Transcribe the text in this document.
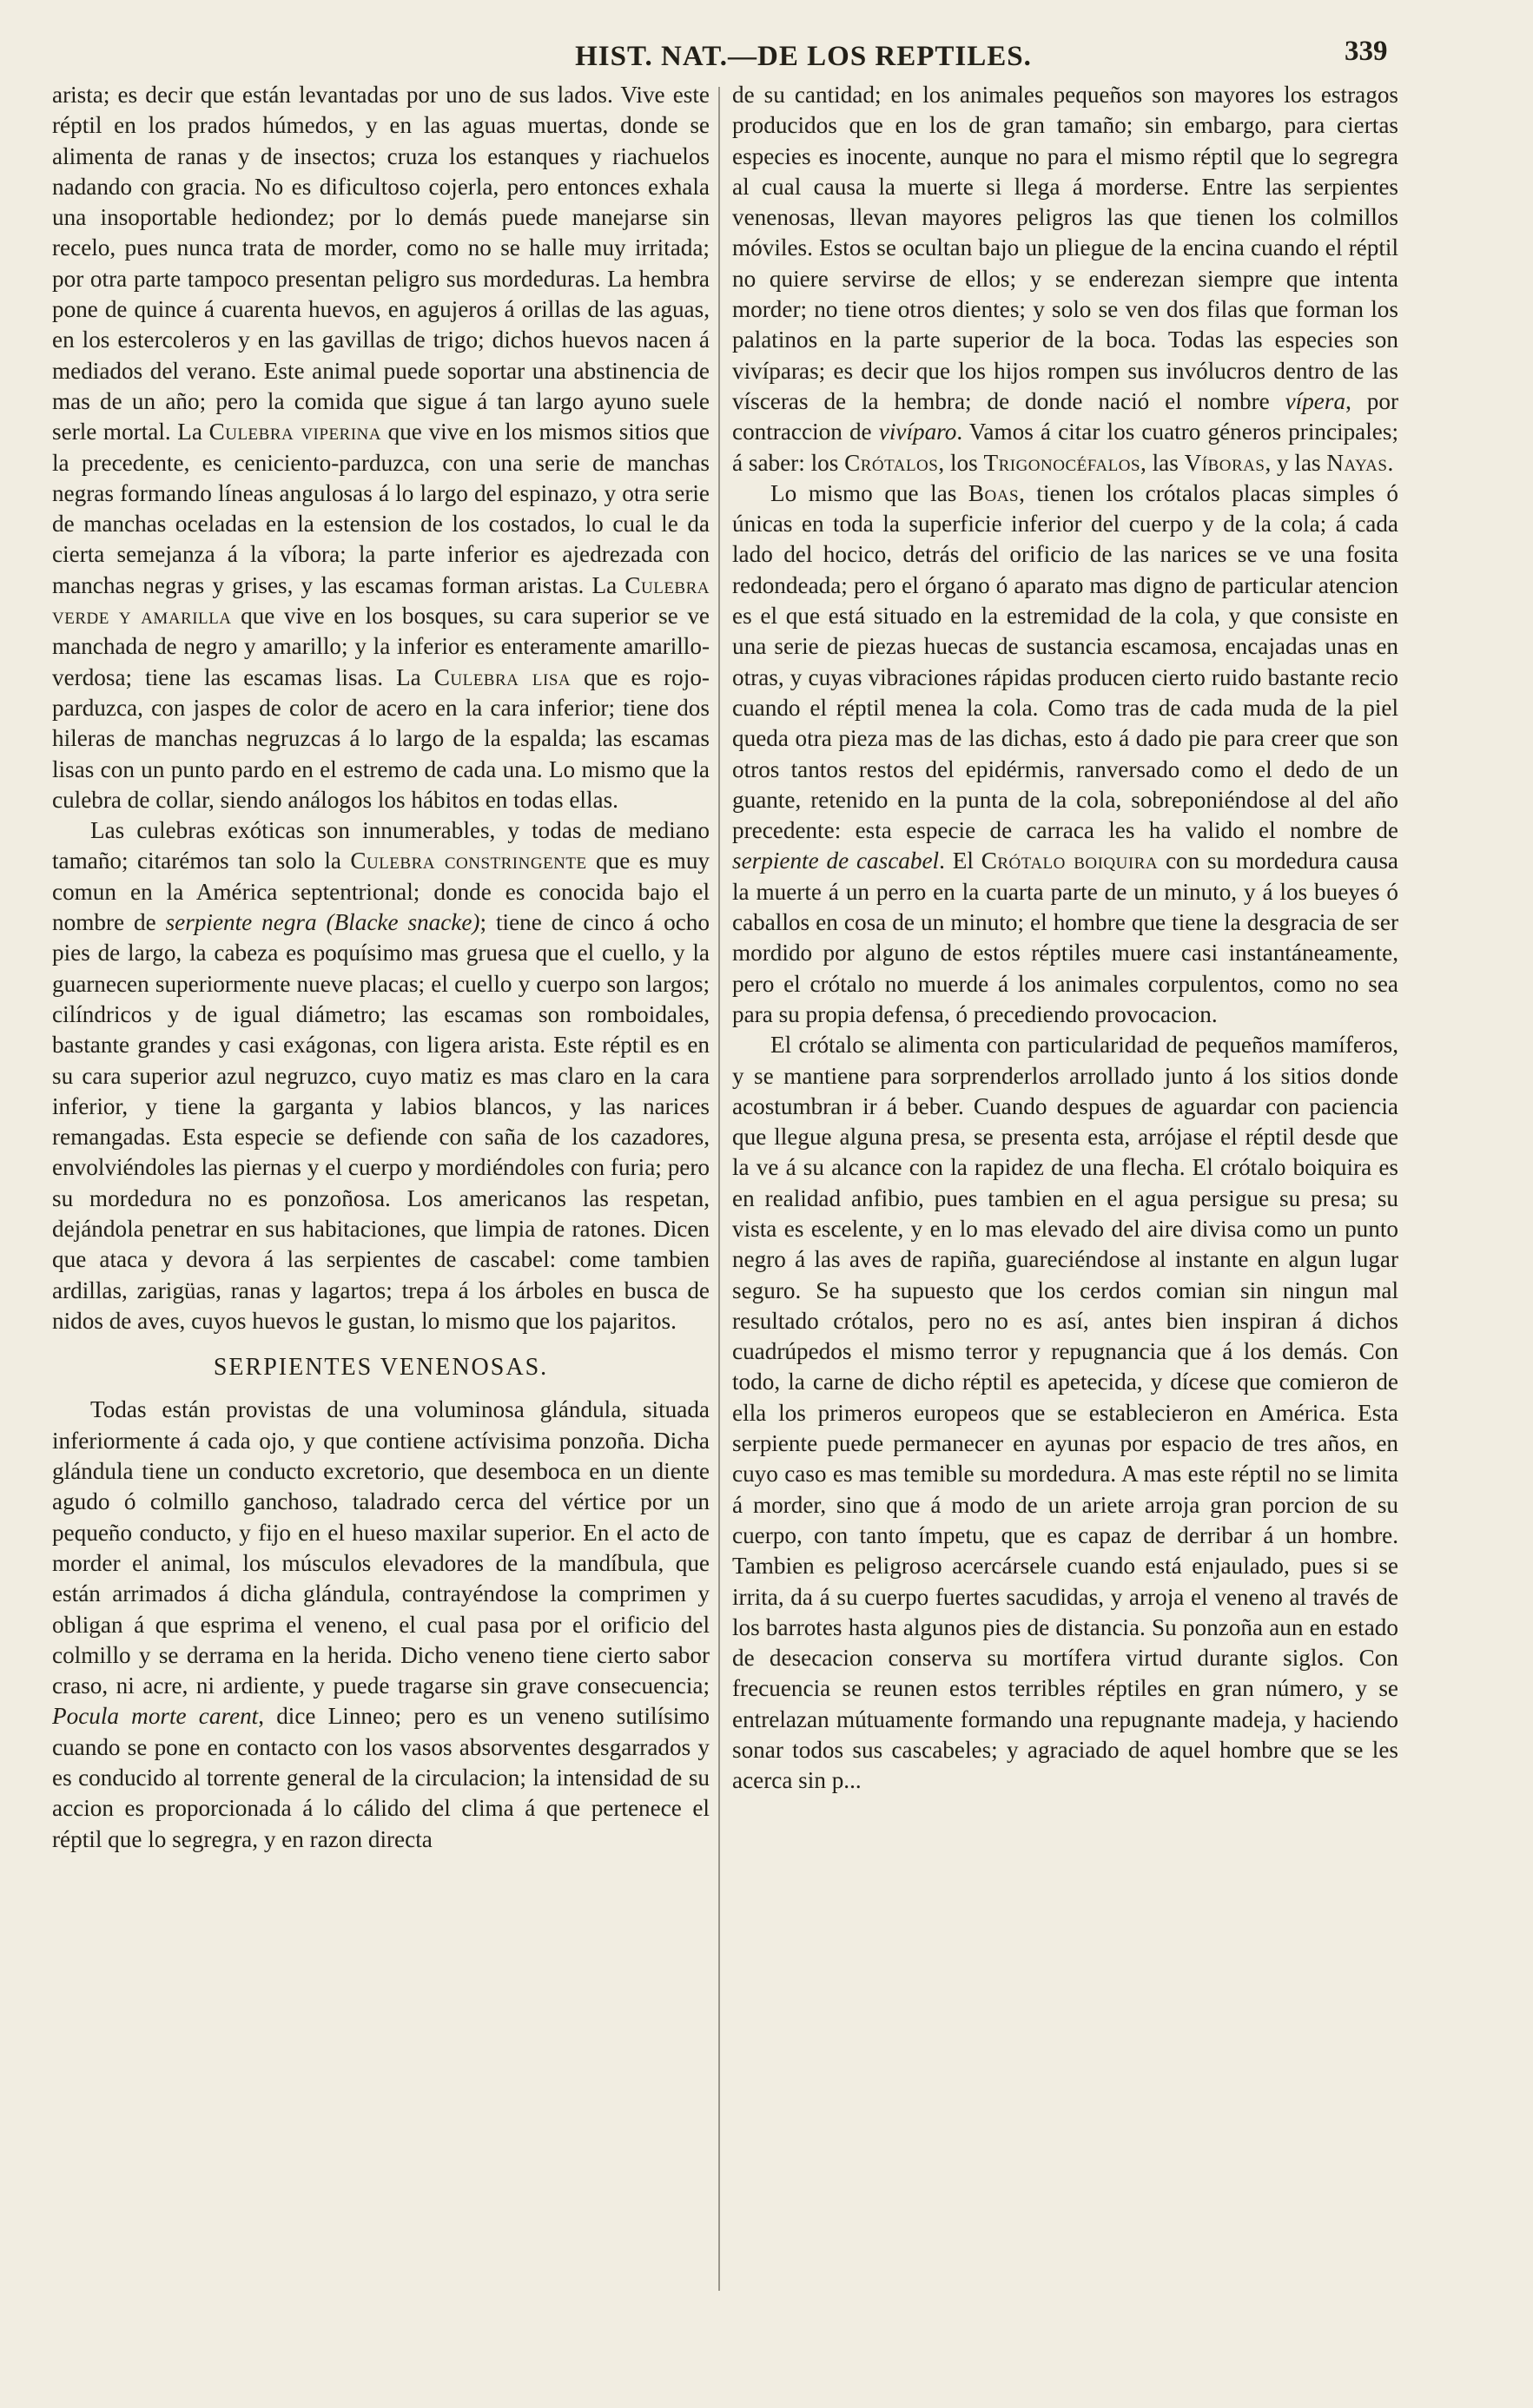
HIST. NAT.—DE LOS REPTILES.	339

arista; es decir que están levantadas por uno de sus lados. Vive este réptil en los prados húmedos, y en las aguas muertas, donde se alimenta de ranas y de insectos; cruza los estanques y riachuelos nadando con gracia. No es dificultoso cojerla, pero entonces exhala una insoportable hediondez; por lo demás puede manejarse sin recelo, pues nunca trata de morder, como no se halle muy irritada; por otra parte tampoco presentan peligro sus mordeduras. La hembra pone de quince á cuarenta huevos, en agujeros á orillas de las aguas, en los estercoleros y en las gavillas de trigo; dichos huevos nacen á mediados del verano. Este animal puede soportar una abstinencia de mas de un año; pero la comida que sigue á tan largo ayuno suele serle mortal. La Culebra viperina que vive en los mismos sitios que la precedente, es ceniciento-parduzca, con una serie de manchas negras formando líneas angulosas á lo largo del espinazo, y otra serie de manchas oceladas en la estension de los costados, lo cual le da cierta semejanza á la víbora; la parte inferior es ajedrezada con manchas negras y grises, y las escamas forman aristas. La Culebra verde y amarilla que vive en los bosques, su cara superior se ve manchada de negro y amarillo; y la inferior es enteramente amarillo-verdosa; tiene las escamas lisas. La Culebra lisa que es rojo-parduzca, con jaspes de color de acero en la cara inferior; tiene dos hileras de manchas negruzcas á lo largo de la espalda; las escamas lisas con un punto pardo en el estremo de cada una. Lo mismo que la culebra de collar, siendo análogos los hábitos en todas ellas.

Las culebras exóticas son innumerables, y todas de mediano tamaño; citarémos tan solo la Culebra constringente que es muy comun en la América septentrional; donde es conocida bajo el nombre de serpiente negra (Blacke snacke); tiene de cinco á ocho pies de largo, la cabeza es poquísimo mas gruesa que el cuello, y la guarnecen superiormente nueve placas; el cuello y cuerpo son largos; cilíndricos y de igual diámetro; las escamas son romboidales, bastante grandes y casi exágonas, con ligera arista. Este réptil es en su cara superior azul negruzco, cuyo matiz es mas claro en la cara inferior, y tiene la garganta y labios blancos, y las narices remangadas. Esta especie se defiende con saña de los cazadores, envolviéndoles las piernas y el cuerpo y mordiéndoles con furia; pero su mordedura no es ponzoñosa. Los americanos las respetan, dejándola penetrar en sus habitaciones, que limpia de ratones. Dicen que ataca y devora á las serpientes de cascabel: come tambien ardillas, zarigüas, ranas y lagartos; trepa á los árboles en busca de nidos de aves, cuyos huevos le gustan, lo mismo que los pajaritos.

SERPIENTES VENENOSAS.

Todas están provistas de una voluminosa glándula, situada inferiormente á cada ojo, y que contiene actívisima ponzoña. Dicha glándula tiene un conducto excretorio, que desemboca en un diente agudo ó colmillo ganchoso, taladrado cerca del vértice por un pequeño conducto, y fijo en el hueso maxilar superior. En el acto de morder el animal, los músculos elevadores de la mandíbula, que están arrimados á dicha glándula, contrayéndose la comprimen y obligan á que esprima el veneno, el cual pasa por el orificio del colmillo y se derrama en la herida. Dicho veneno tiene cierto sabor craso, ni acre, ni ardiente, y puede tragarse sin grave consecuencia; Pocula morte carent, dice Linneo; pero es un veneno sutilísimo cuando se pone en contacto con los vasos absorventes desgarrados y es conducido al torrente general de la circulacion; la intensidad de su accion es proporcionada á lo cálido del clima á que pertenece el réptil que lo segregra, y en razon directa

de su cantidad; en los animales pequeños son mayores los estragos producidos que en los de gran tamaño; sin embargo, para ciertas especies es inocente, aunque no para el mismo réptil que lo segregra al cual causa la muerte si llega á morderse. Entre las serpientes venenosas, llevan mayores peligros las que tienen los colmillos móviles. Estos se ocultan bajo un pliegue de la encina cuando el réptil no quiere servirse de ellos; y se enderezan siempre que intenta morder; no tiene otros dientes; y solo se ven dos filas que forman los palatinos en la parte superior de la boca. Todas las especies son vivíparas; es decir que los hijos rompen sus invólucros dentro de las vísceras de la hembra; de donde nació el nombre vípera, por contraccion de vivíparo. Vamos á citar los cuatro géneros principales; á saber: los Crótalos, los Trigonocéfalos, las Víboras, y las Nayas.

Lo mismo que las Boas, tienen los crótalos placas simples ó únicas en toda la superficie inferior del cuerpo y de la cola; á cada lado del hocico, detrás del orificio de las narices se ve una fosita redondeada; pero el órgano ó aparato mas digno de particular atencion es el que está situado en la estremidad de la cola, y que consiste en una serie de piezas huecas de sustancia escamosa, encajadas unas en otras, y cuyas vibraciones rápidas producen cierto ruido bastante recio cuando el réptil menea la cola. Como tras de cada muda de la piel queda otra pieza mas de las dichas, esto á dado pie para creer que son otros tantos restos del epidérmis, ranversado como el dedo de un guante, retenido en la punta de la cola, sobreponiéndose al del año precedente: esta especie de carraca les ha valido el nombre de serpiente de cascabel. El Crótalo boiquira con su mordedura causa la muerte á un perro en la cuarta parte de un minuto, y á los bueyes ó caballos en cosa de un minuto; el hombre que tiene la desgracia de ser mordido por alguno de estos réptiles muere casi instantáneamente, pero el crótalo no muerde á los animales corpulentos, como no sea para su propia defensa, ó precediendo provocacion.

El crótalo se alimenta con particularidad de pequeños mamíferos, y se mantiene para sorprenderlos arrollado junto á los sitios donde acostumbran ir á beber. Cuando despues de aguardar con paciencia que llegue alguna presa, se presenta esta, arrójase el réptil desde que la ve á su alcance con la rapidez de una flecha. El crótalo boiquira es en realidad anfibio, pues tambien en el agua persigue su presa; su vista es escelente, y en lo mas elevado del aire divisa como un punto negro á las aves de rapiña, guareciéndose al instante en algun lugar seguro. Se ha supuesto que los cerdos comian sin ningun mal resultado crótalos, pero no es así, antes bien inspiran á dichos cuadrúpedos el mismo terror y repugnancia que á los demás. Con todo, la carne de dicho réptil es apetecida, y dícese que comieron de ella los primeros europeos que se establecieron en América. Esta serpiente puede permanecer en ayunas por espacio de tres años, en cuyo caso es mas temible su mordedura. A mas este réptil no se limita á morder, sino que á modo de un ariete arroja gran porcion de su cuerpo, con tanto ímpetu, que es capaz de derribar á un hombre. Tambien es peligroso acercársele cuando está enjaulado, pues si se irrita, da á su cuerpo fuertes sacudidas, y arroja el veneno al través de los barrotes hasta algunos pies de distancia. Su ponzoña aun en estado de desecacion conserva su mortífera virtud durante siglos. Con frecuencia se reunen estos terribles réptiles en gran número, y se entrelazan mútuamente formando una repugnante madeja, y haciendo sonar todos sus cascabeles; y agraciado de aquel hombre que se les acerca sin p...
